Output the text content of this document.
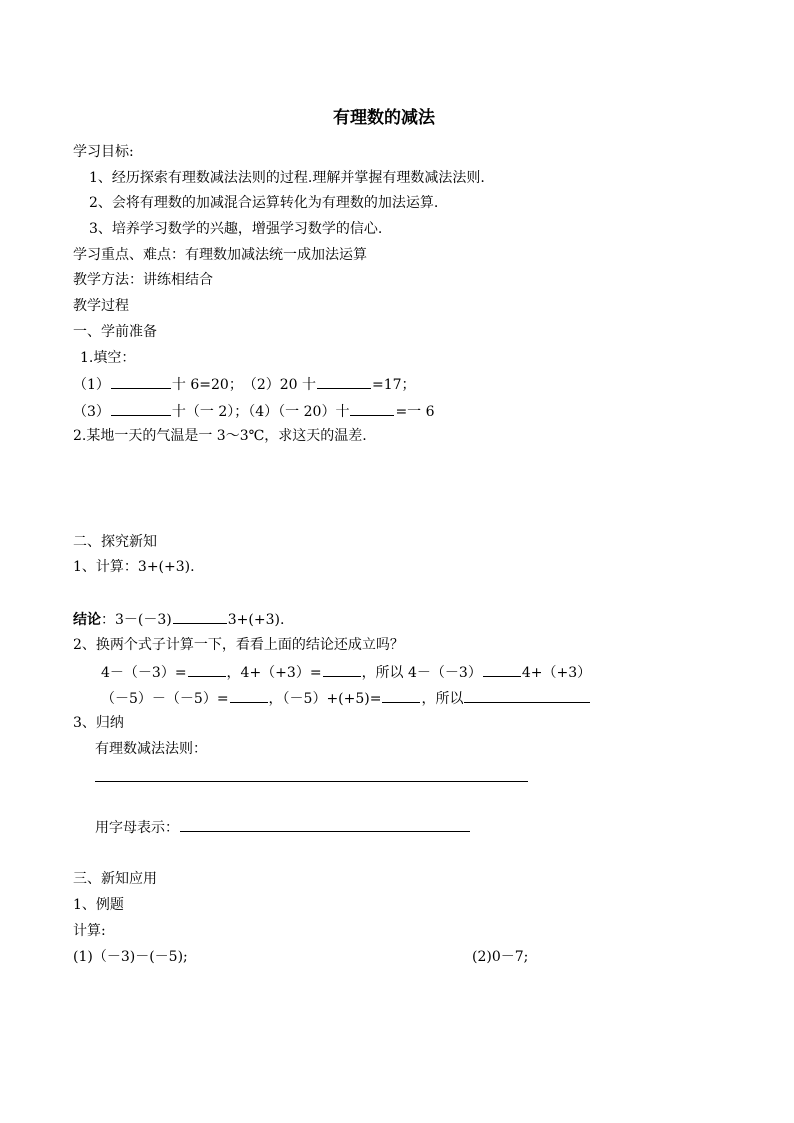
有理数的减法
学习目标:
1、经历探索有理数减法法则的过程.理解并掌握有理数减法法则.
2、会将有理数的加减混合运算转化为有理数的加法运算.
3、培养学习数学的兴趣，增强学习数学的信心.
学习重点、难点：有理数加减法统一成加法运算
教学方法：讲练相结合
教学过程
一、学前准备
1.填空：
（1）	十 6=20；　（2）20 十	=17；
（3）	十（一 2）；（4）（一 20）十	=一 6
2.某地一天的气温是一 3～3℃，求这天的温差.
二、探究新知
1、计算：3+(+3).
结论：3－(－3)	3+(+3).
2、换两个式子计算一下，看看上面的结论还成立吗？
4－（－3）=	，4+（+3）=	，所以 4－（－3）	4+（+3）
（－5）－（－5）=	，（－5）+(+5)=	，所以
3、归纳
有理数减法法则：
用字母表示：
三、新知应用
1、例题
计算:
(1)（－3)－(－5);	(2)0－7;
